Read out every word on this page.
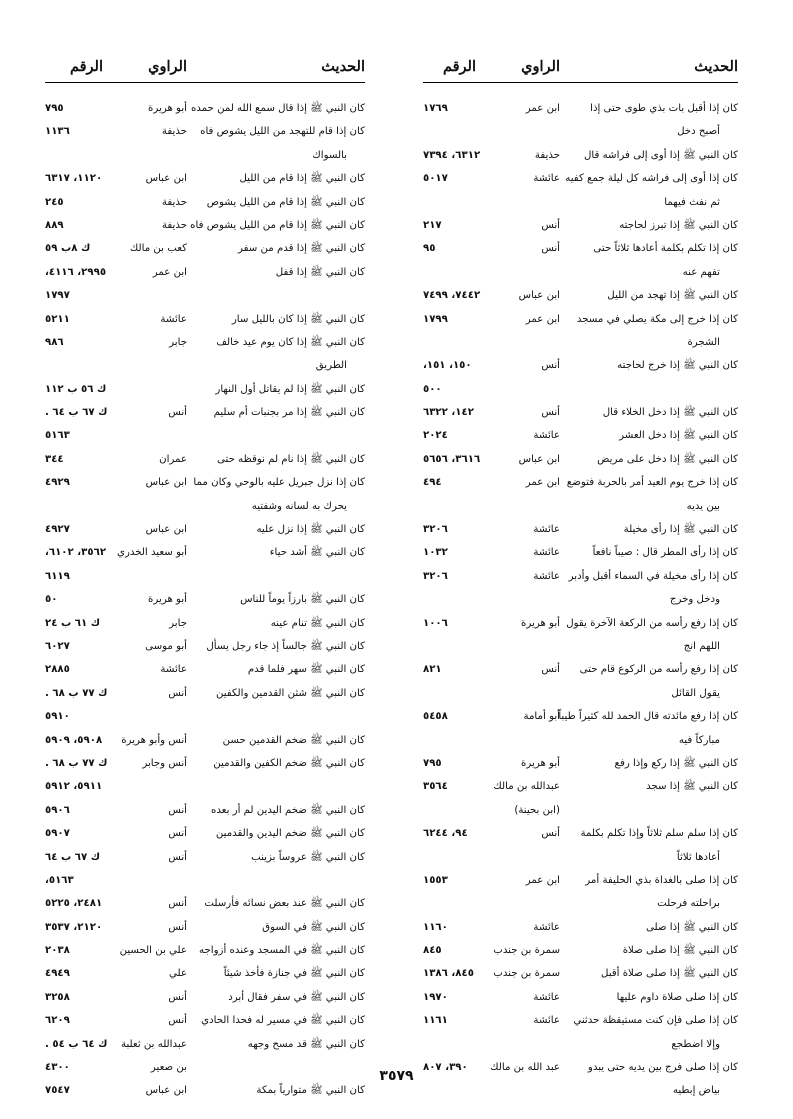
الحديث
الراوي
الرقم
كان إذا أقبل بات بذي طوى حتى إذا
ابن عمر
١٧٦٩
أصبح دخل
كان النبي ﷺ إذا أوى إلى فراشه قال
حذيفة
٦٣١٢، ٧٣٩٤
كان إذا أوى إلى فراشه كل ليلة جمع كفيه
عائشة
٥٠١٧
ثم نفث فيهما
كان النبي ﷺ إذا تبرز لحاجته
أنس
٢١٧
كان إذا تكلم بكلمة أعادها ثلاثاً حتى
أنس
٩٥
تفهم عنه
كان النبي ﷺ إذا تهجد من الليل
ابن عباس
٧٤٤٢، ٧٤٩٩
كان إذا خرج إلى مكة يصلي في مسجد
ابن عمر
١٧٩٩
الشجرة
كان النبي ﷺ إذا خرج لحاجته
أنس
١٥٠، ١٥١،
٥٠٠
كان النبي ﷺ إذا دخل الخلاء قال
أنس
١٤٢، ٦٣٢٢
كان النبي ﷺ إذا دخل العشر
عائشة
٢٠٢٤
كان النبي ﷺ إذا دخل على مريض
ابن عباس
٣٦١٦، ٥٦٥٦
كان إذا خرج يوم العيد أمر بالحربة فتوضع
ابن عمر
٤٩٤
بين يديه
كان النبي ﷺ إذا رأى مخيلة
عائشة
٣٢٠٦
كان إذا رأى المطر قال : صيباً نافعاً
عائشة
١٠٣٢
كان إذا رأى مخيلة في السماء أقبل وأدبر
عائشة
٣٢٠٦
ودخل وخرج
كان إذا رفع رأسه من الركعة الآخرة يقول
أبو هريرة
١٠٠٦
اللهم انج
كان إذا رفع رأسه من الركوع قام حتى
أنس
٨٢١
يقول القائل
كان إذا رفع مائدته قال الحمد لله كثيراً طيباً
أبو أمامة
٥٤٥٨
مباركاً فيه
كان النبي ﷺ إذا ركع وإذا رفع
أبو هريرة
٧٩٥
كان النبي ﷺ إذا سجد
عبدالله بن مالك
٣٥٦٤
(ابن بحينة)
كان إذا سلم سلم ثلاثاً وإذا تكلم بكلمة
أنس
٩٤، ٦٢٤٤
أعادها ثلاثاً
كان إذا صلى بالغداة بذي الحليفة أمر
ابن عمر
١٥٥٣
براحلته فرحلت
كان النبي ﷺ إذا صلى
عائشة
١١٦٠
كان النبي ﷺ إذا صلى صلاة
سمرة بن جندب
٨٤٥
كان النبي ﷺ إذا صلى صلاة أقبل
سمرة بن جندب
٨٤٥، ١٣٨٦
كان إذا صلى صلاة داوم عليها
عائشة
١٩٧٠
كان إذا صلى فإن كنت مستيقظة حدثني
عائشة
١١٦١
وإلا اضطجع
كان إذا صلى فرج بين يديه حتى يبدو
عبد الله بن مالك
٣٩٠، ٨٠٧
بياض إبطيه
الحديث
الراوي
الرقم
كان النبي ﷺ إذا قال سمع الله لمن حمده
أبو هريرة
٧٩٥
كان إذا قام للتهجد من الليل يشوص فاه
حذيفة
١١٣٦
بالسواك
كان النبي ﷺ إذا قام من الليل
ابن عباس
١١٢٠، ٦٣١٧
كان النبي ﷺ إذا قام من الليل يشوص
حذيفة
٢٤٥
كان النبي ﷺ إذا قام من الليل يشوص فاه
حذيفة
٨٨٩
كان النبي ﷺ إذا قدم من سفر
كعب بن مالك
ك ٨ب ٥٩
كان النبي ﷺ إذا قفل
ابن عمر
٢٩٩٥، ٤١١٦،
١٧٩٧
كان النبي ﷺ إذا كان بالليل سار
عائشة
٥٢١١
كان النبي ﷺ إذا كان يوم عيد خالف
جابر
٩٨٦
الطريق
كان النبي ﷺ إذا لم يقاتل أول النهار
ك ٥٦ ب ١١٢
كان النبي ﷺ إذا مر بجنبات أم سليم
أنس
ك ٦٧ ب ٦٤ .
٥١٦٣
كان النبي ﷺ إذا نام لم نوقظه حتى
عمران
٣٤٤
كان إذا نزل جبريل عليه بالوحي وكان مما
ابن عباس
٤٩٢٩
يحرك به لسانه وشفتيه
كان النبي ﷺ إذا نزل عليه
ابن عباس
٤٩٢٧
كان النبي ﷺ أشد حياء
أبو سعيد الخدري
٣٥٦٢، ٦١٠٢،
٦١١٩
كان النبي ﷺ بارزاً يوماً للناس
أبو هريرة
٥٠
كان النبي ﷺ تنام عينه
جابر
ك ٦١ ب ٢٤
كان النبي ﷺ جالساً إذ جاء رجل يسأل
أبو موسى
٦٠٢٧
كان النبي ﷺ سهر فلما قدم
عائشة
٢٨٨٥
كان النبي ﷺ شثن القدمين والكفين
أنس
ك ٧٧ ب ٦٨ .
٥٩١٠
كان النبي ﷺ ضخم القدمين حسن
أنس وأبو هريرة
٥٩٠٨، ٥٩٠٩
كان النبي ﷺ ضخم الكفين والقدمين
أنس وجابر
ك ٧٧ ب ٦٨ .
٥٩١١، ٥٩١٢
كان النبي ﷺ ضخم اليدين لم أر بعده
أنس
٥٩٠٦
كان النبي ﷺ ضخم اليدين والقدمين
أنس
٥٩٠٧
كان النبي ﷺ عروساً بزينب
أنس
ك ٦٧ ب ٦٤
٥١٦٣،
كان النبي ﷺ عند بعض نسائه فأرسلت
أنس
٢٤٨١، ٥٢٢٥
كان النبي ﷺ في السوق
أنس
٢١٢٠، ٣٥٣٧
كان النبي ﷺ في المسجد وعنده أزواجه
علي بن الحسين
٢٠٣٨
كان النبي ﷺ في جنازة فأخذ شيئاً
علي
٤٩٤٩
كان النبي ﷺ في سفر فقال أبرد
أنس
٣٢٥٨
كان النبي ﷺ في مسير له فحدا الحادي
أنس
٦٢٠٩
كان النبي ﷺ قد مسح وجهه
عبدالله بن ثعلبة
ك ٦٤ ب ٥٤ .
بن صعير
٤٣٠٠
كان النبي ﷺ متوارياً بمكة
ابن عباس
٧٥٤٧
٣٥٧٩
